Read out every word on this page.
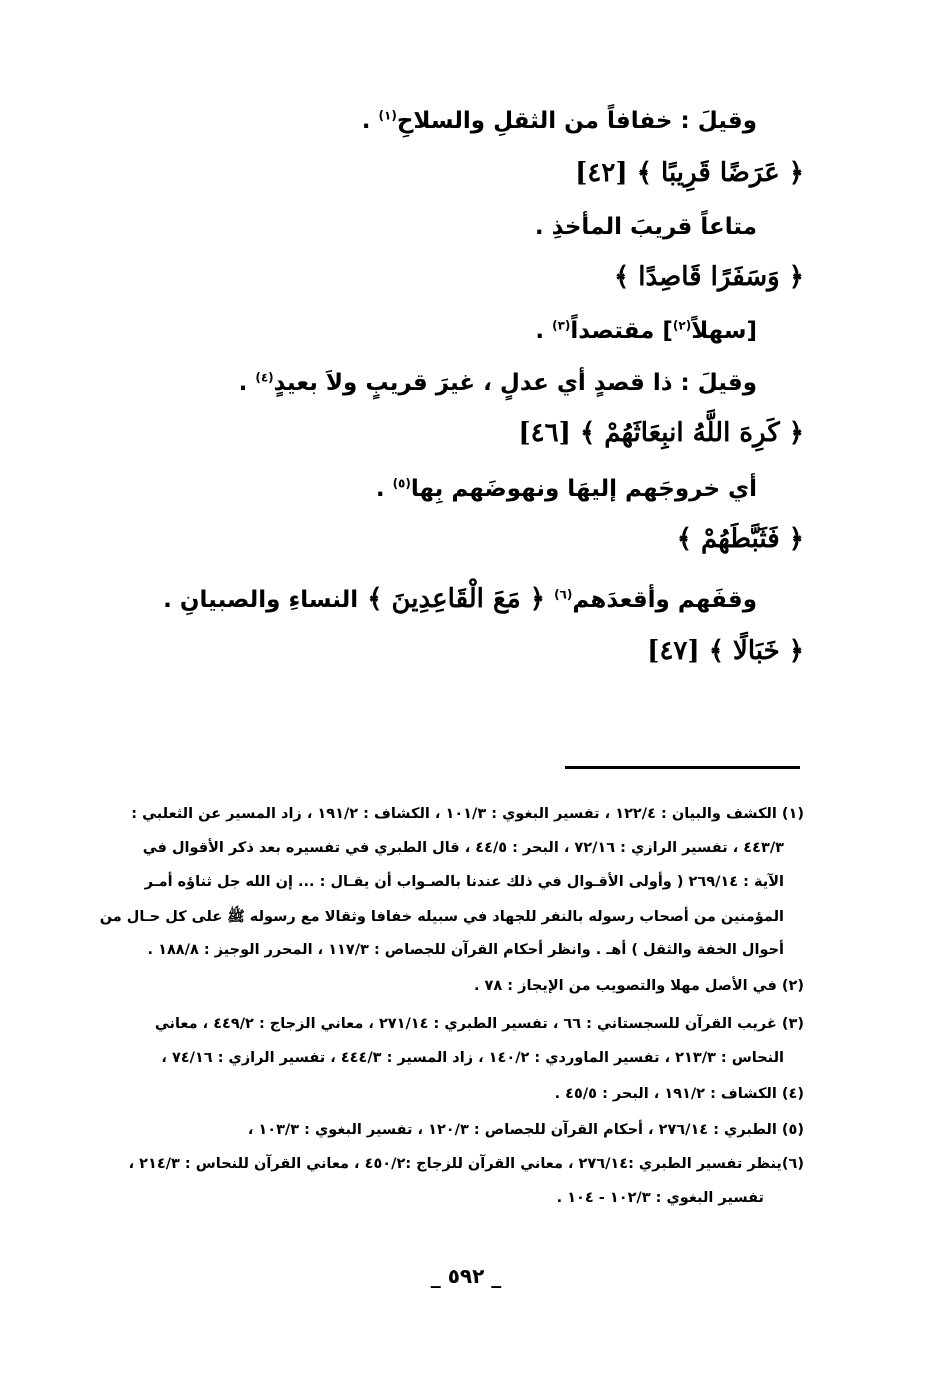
وقيلَ : خفافاً من الثقلِ والسلاحِ$^{(١)}$ .
﴿ عَرَضًا قَرِيبًا ﴾ [٤٢]
متاعاً قريبَ المأخذِ .
﴿ وَسَفَرًا قَاصِدًا ﴾
[سهلاً$^{(٢)}$] مقتصداً$^{(٣)}$ .
وقيلَ : ذا قصدٍ أي عدلٍ ، غيرَ قريبٍ ولاَ بعيدٍ$^{(٤)}$ .
﴿ كَرِهَ اللَّهُ انبِعَاثَهُمْ ﴾ [٤٦]
أي خروجَهم إليهَا ونهوضَهم بِها$^{(٥)}$ .
﴿ فَثَبَّطَهُمْ ﴾
وقفَهم وأقعدَهم$^{(٦)}$ ﴿ مَعَ الْقَاعِدِينَ ﴾ النساءِ والصبيانِ .
﴿ خَبَالًا ﴾ [٤٧]
(١) الكشف والبيان : ١٢٢/٤ ، تفسير البغوي : ١٠١/٣ ، الكشاف : ١٩١/٢ ، زاد المسير عن الثعلبي :
٤٤٣/٣ ، تفسير الرازي : ٧٢/١٦ ، البحر : ٤٤/٥ ، قال الطبري في تفسيره بعد ذكر الأقوال في
الآية : ٢٦٩/١٤ ( وأولى الأقـوال في ذلك عندنا بالصـواب أن يقـال : ... إن الله جل ثناؤه أمـر
المؤمنين من أصحاب رسوله بالنفر للجهاد في سبيله خفافا وثقالا مع رسوله ﷺ على كل حـال من
أحوال الخفة والثقل ) أهـ . وانظر أحكام القرآن للجصاص : ١١٧/٣ ، المحرر الوجيز : ١٨٨/٨ .
(٢) في الأصل مهلا والتصويب من الإيجاز : ٧٨ .
(٣) غريب القرآن للسجستاني : ٦٦ ، تفسير الطبري : ٢٧١/١٤ ، معاني الزجاج : ٤٤٩/٢ ، معاني
النحاس : ٢١٣/٣ ، تفسير الماوردي : ١٤٠/٢ ، زاد المسير : ٤٤٤/٣ ، تفسير الرازي : ٧٤/١٦ ،
(٤) الكشاف : ١٩١/٢ ، البحر : ٤٥/٥ .
(٥) الطبري : ٢٧٦/١٤ ، أحكام القرآن للجصاص : ١٢٠/٣ ، تفسير البغوي : ١٠٣/٣ ،
(٦)ينظر تفسير الطبري :٢٧٦/١٤ ، معاني القرآن للزجاج :٤٥٠/٢ ، معاني القرآن للنحاس : ٢١٤/٣ ،
تفسير البغوي : ١٠٢/٣ - ١٠٤ .
_ ٥٩٢ _
